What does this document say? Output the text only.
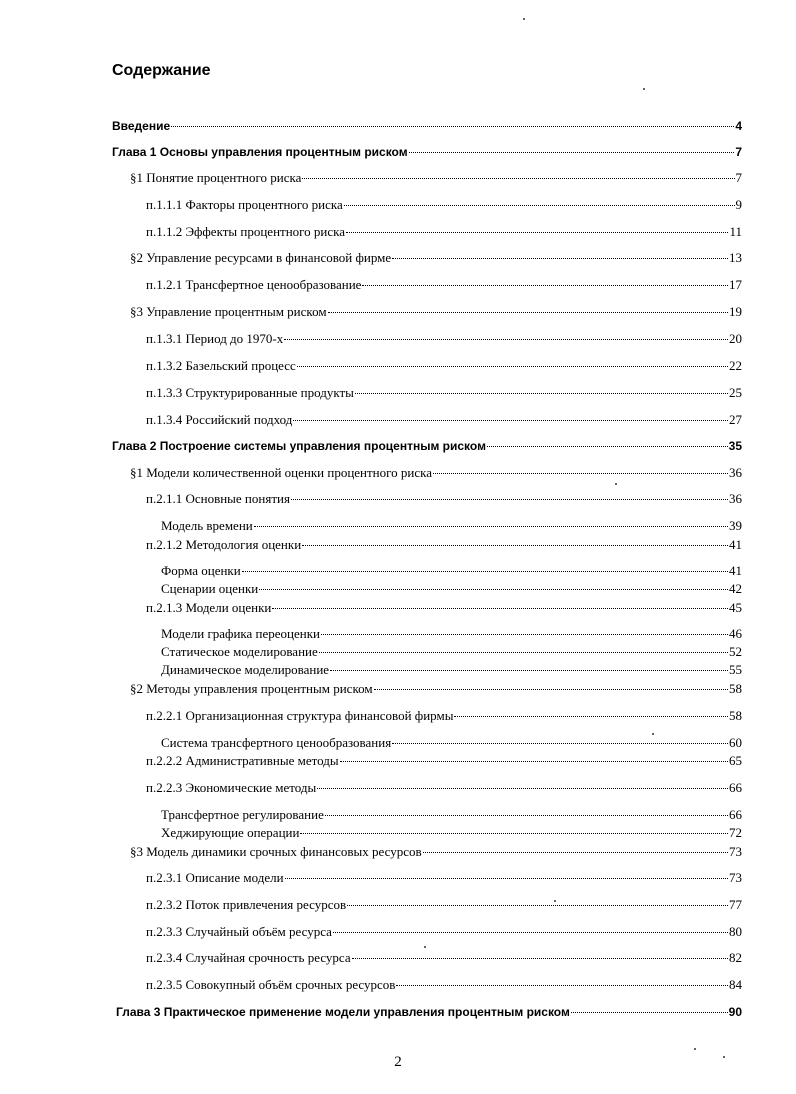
Содержание
Введение	4
Глава 1 Основы управления процентным риском	7
§1 Понятие процентного риска	7
п.1.1.1 Факторы процентного риска	9
п.1.1.2 Эффекты процентного риска	11
§2 Управление ресурсами в финансовой фирме	13
п.1.2.1 Трансфертное ценообразование	17
§3 Управление процентным риском	19
п.1.3.1 Период до 1970-х	20
п.1.3.2 Базельский процесс	22
п.1.3.3 Структурированные продукты	25
п.1.3.4 Российский подход	27
Глава 2 Построение системы управления процентным риском	35
§1 Модели количественной оценки процентного риска	36
п.2.1.1 Основные понятия	36
Модель времени	39
п.2.1.2 Методология оценки	41
Форма оценки	41
Сценарии оценки	42
п.2.1.3 Модели оценки	45
Модели графика переоценки	46
Статическое моделирование	52
Динамическое моделирование	55
§2 Методы управления процентным риском	58
п.2.2.1 Организационная структура финансовой фирмы	58
Система трансфертного ценообразования	60
п.2.2.2 Административные методы	65
п.2.2.3 Экономические методы	66
Трансфертное регулирование	66
Хеджирующие операции	72
§3 Модель динамики срочных финансовых ресурсов	73
п.2.3.1 Описание модели	73
п.2.3.2 Поток привлечения ресурсов	77
п.2.3.3 Случайный объём ресурса	80
п.2.3.4 Случайная срочность ресурса	82
п.2.3.5 Совокупный объём срочных ресурсов	84
Глава 3 Практическое применение модели управления процентным риском	90
2
